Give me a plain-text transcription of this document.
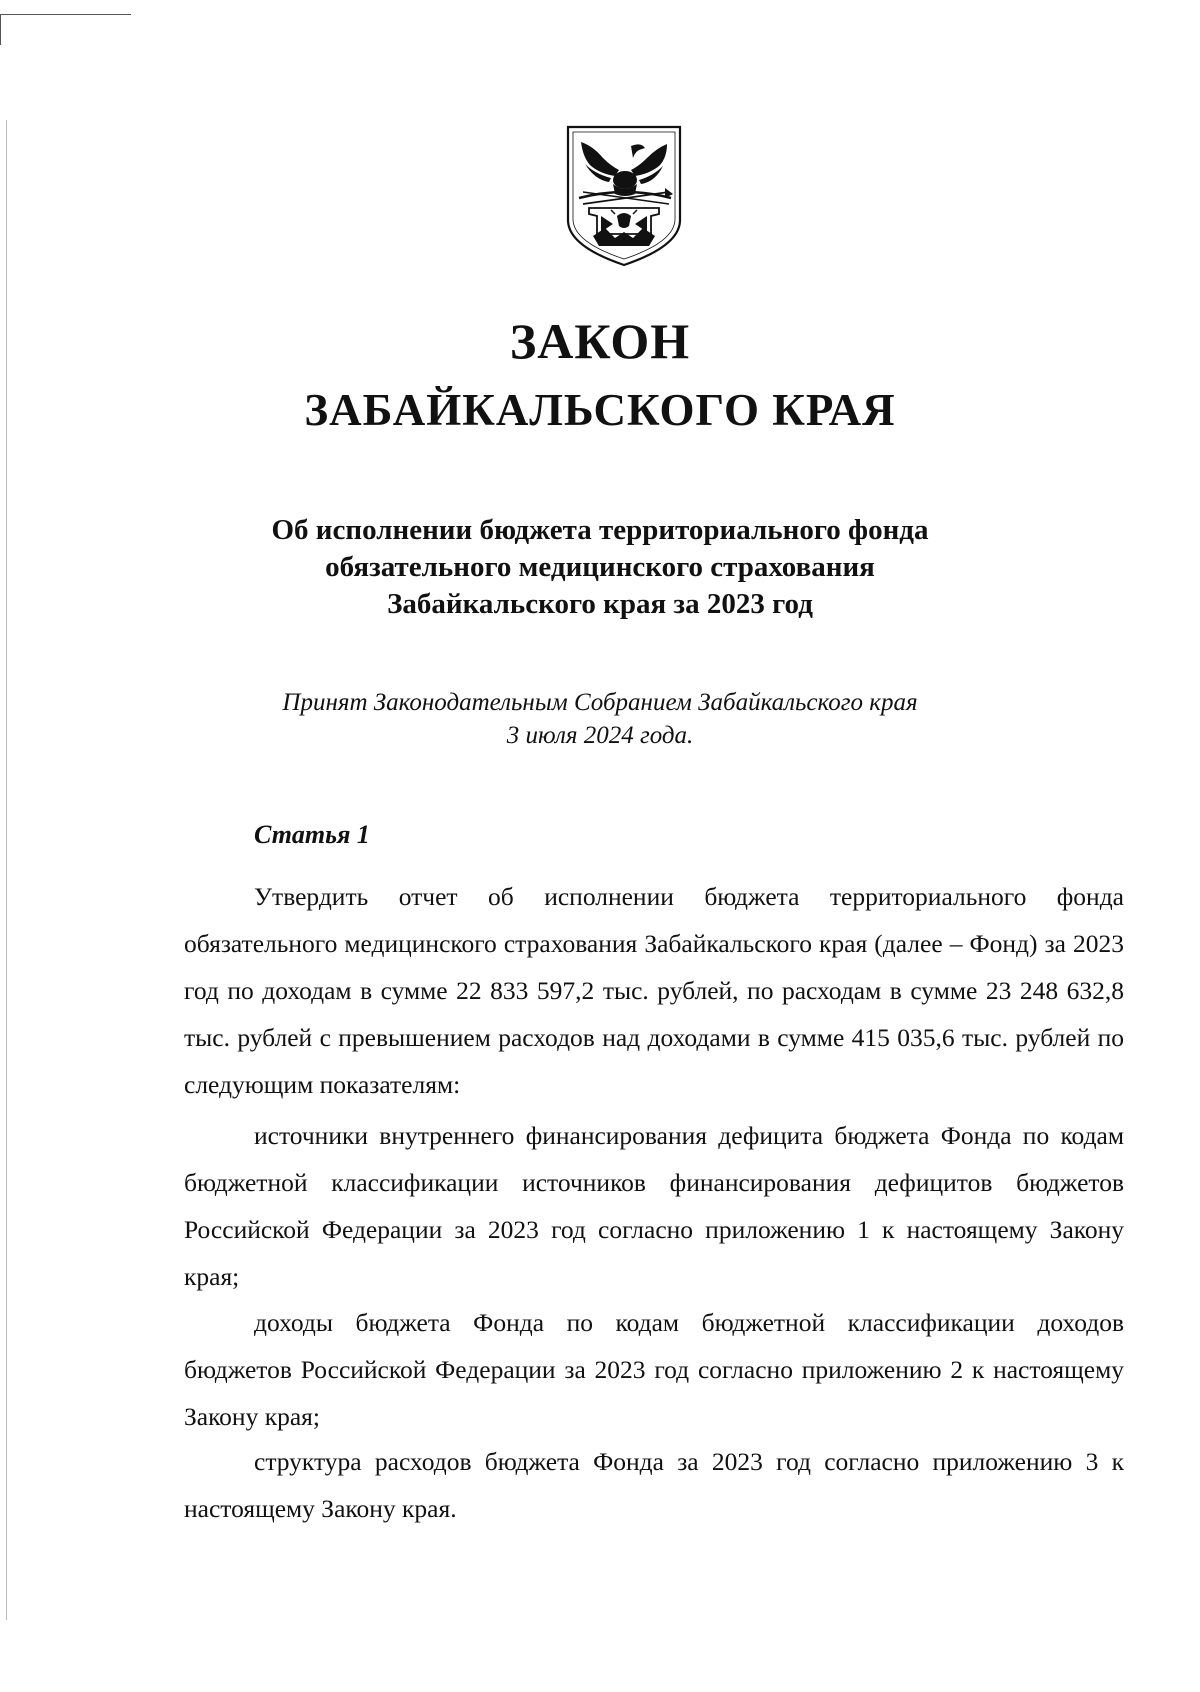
ЗАКОН
ЗАБАЙКАЛЬСКОГО КРАЯ

Об исполнении бюджета территориального фонда
обязательного медицинского страхования
Забайкальского края за 2023 год

Принят Законодательным Собранием Забайкальского края
3 июля 2024 года.

Статья 1

Утвердить отчет об исполнении бюджета территориального фонда обязательного медицинского страхования Забайкальского края (далее – Фонд) за 2023 год по доходам в сумме 22 833 597,2 тыс. рублей, по расходам в сумме 23 248 632,8 тыс. рублей с превышением расходов над доходами в сумме 415 035,6 тыс. рублей по следующим показателям:

источники внутреннего финансирования дефицита бюджета Фонда по кодам бюджетной классификации источников финансирования дефицитов бюджетов Российской Федерации за 2023 год согласно приложению 1 к настоящему Закону края;

доходы бюджета Фонда по кодам бюджетной классификации доходов бюджетов Российской Федерации за 2023 год согласно приложению 2 к настоящему Закону края;

структура расходов бюджета Фонда за 2023 год согласно приложению 3 к настоящему Закону края.
